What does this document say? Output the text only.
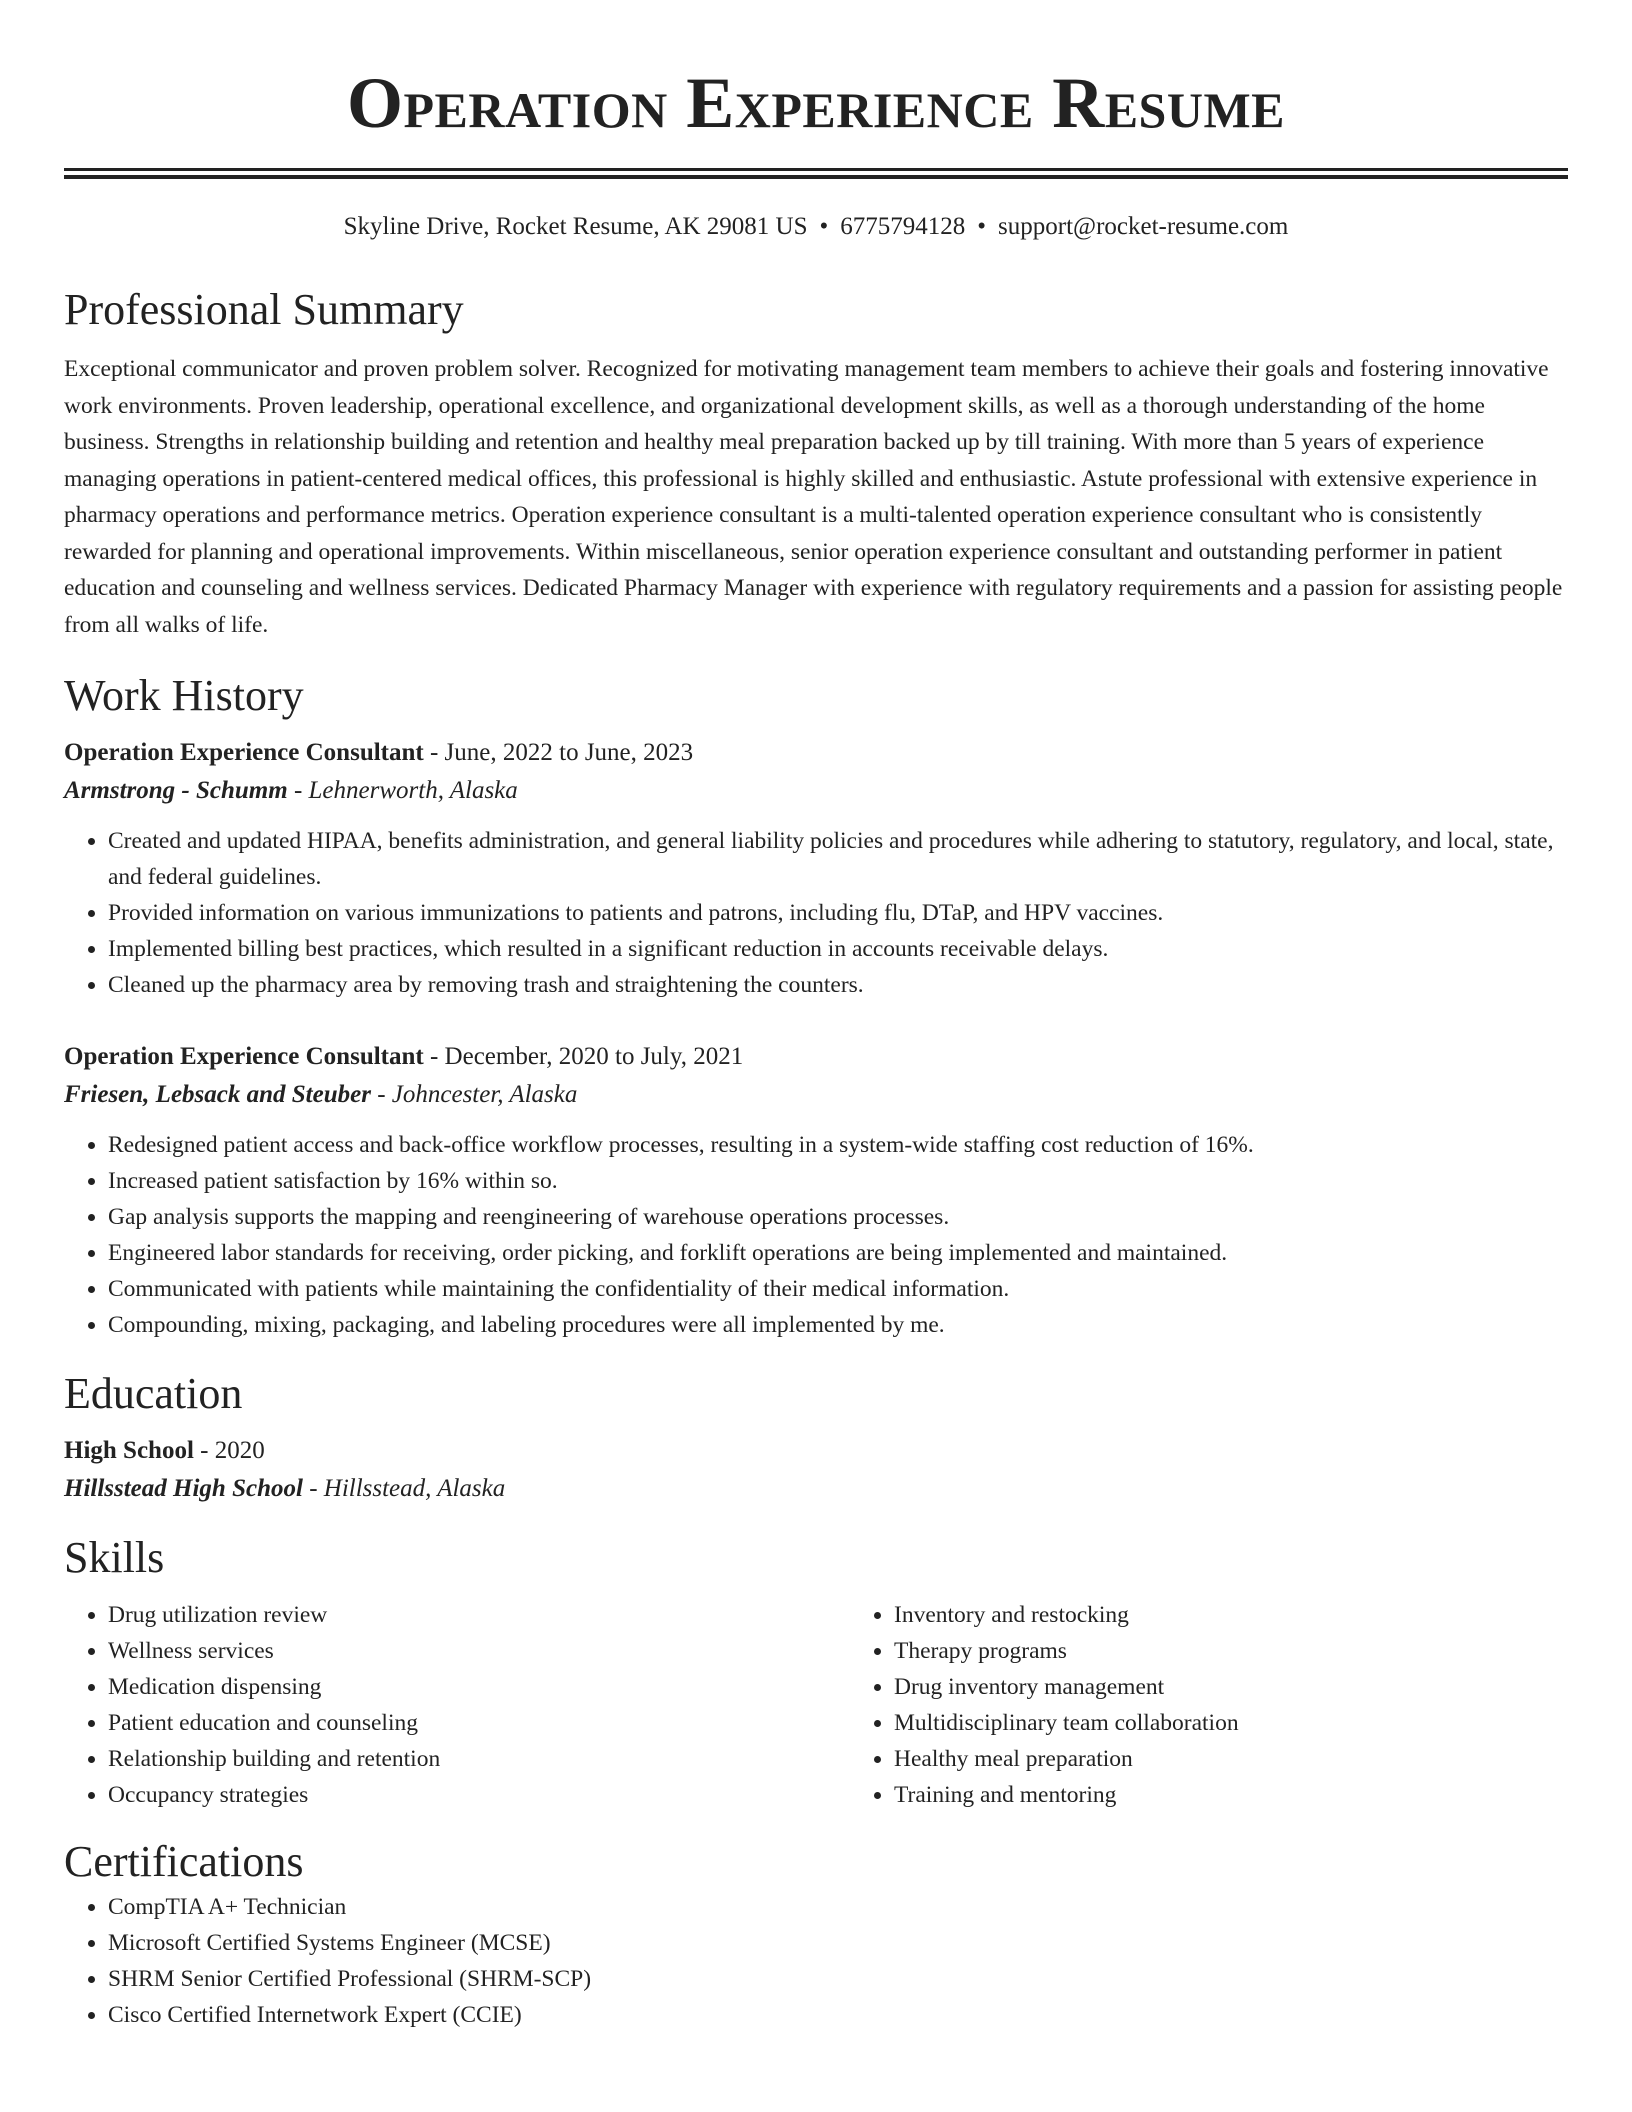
Operation Experience Resume
Skyline Drive, Rocket Resume, AK 29081 US • 6775794128 • support@rocket-resume.com
Professional Summary

Exceptional communicator and proven problem solver. Recognized for motivating management team members to achieve their goals and fostering innovative work environments. Proven leadership, operational excellence, and organizational development skills, as well as a thorough understanding of the home business. Strengths in relationship building and retention and healthy meal preparation backed up by till training. With more than 5 years of experience managing operations in patient-centered medical offices, this professional is highly skilled and enthusiastic. Astute professional with extensive experience in pharmacy operations and performance metrics. Operation experience consultant is a multi-talented operation experience consultant who is consistently rewarded for planning and operational improvements. Within miscellaneous, senior operation experience consultant and outstanding performer in patient education and counseling and wellness services. Dedicated Pharmacy Manager with experience with regulatory requirements and a passion for assisting people from all walks of life.

Work History
Operation Experience Consultant - June, 2022 to June, 2023
Armstrong - Schumm - Lehnerworth, Alaska
• Created and updated HIPAA, benefits administration, and general liability policies and procedures while adhering to statutory, regulatory, and local, state, and federal guidelines.
• Provided information on various immunizations to patients and patrons, including flu, DTaP, and HPV vaccines.
• Implemented billing best practices, which resulted in a significant reduction in accounts receivable delays.
• Cleaned up the pharmacy area by removing trash and straightening the counters.
Operation Experience Consultant - December, 2020 to July, 2021
Friesen, Lebsack and Steuber - Johncester, Alaska
• Redesigned patient access and back-office workflow processes, resulting in a system-wide staffing cost reduction of 16%.
• Increased patient satisfaction by 16% within so.
• Gap analysis supports the mapping and reengineering of warehouse operations processes.
• Engineered labor standards for receiving, order picking, and forklift operations are being implemented and maintained.
• Communicated with patients while maintaining the confidentiality of their medical information.
• Compounding, mixing, packaging, and labeling procedures were all implemented by me.
Education
High School - 2020
Hillsstead High School - Hillsstead, Alaska
Skills
• Drug utilization review
• Wellness services
• Medication dispensing
• Patient education and counseling
• Relationship building and retention
• Occupancy strategies
• Inventory and restocking
• Therapy programs
• Drug inventory management
• Multidisciplinary team collaboration
• Healthy meal preparation
• Training and mentoring
Certifications
• CompTIA A+ Technician
• Microsoft Certified Systems Engineer (MCSE)
• SHRM Senior Certified Professional (SHRM-SCP)
• Cisco Certified Internetwork Expert (CCIE)
